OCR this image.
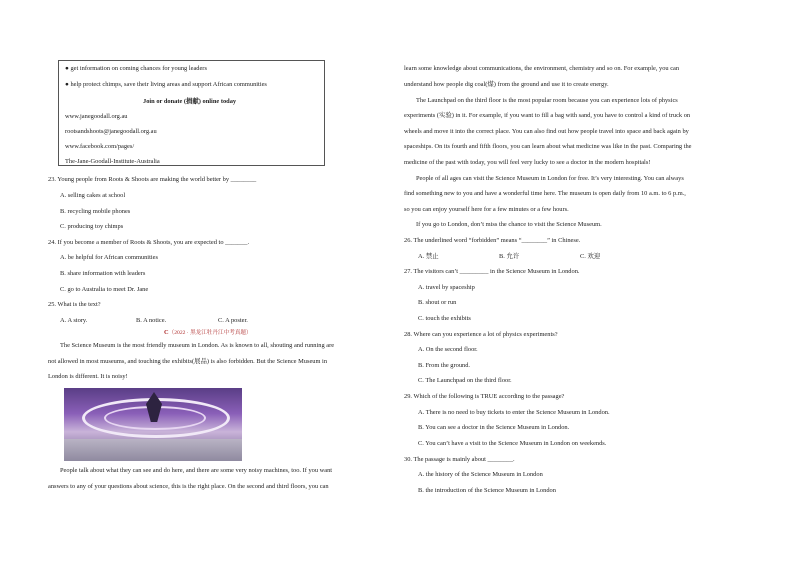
● get information on coming chances for young leaders
● help protect chimps, save their living areas and support African communities
Join or donate (捐献) online today
www.janegoodall.org.au
rootsandshoots@janegoodall.org.au
www.facebook.com/pages/
The-Jane-Goodall-Institute-Australia
23. Young people from Roots & Shoots are making the world better by ________
A. selling cakes at school
B. recycling mobile phones
C. producing toy chimps
24. If you become a member of Roots & Shoots, you are expected to _______.
A. be helpful for African communities
B. share information with leaders
C. go to Australia to meet Dr. Jane
25. What is the text?
A. A story.	B. A notice.	C. A poster.
C（2022 · 黑龙江牡丹江中考真题）
The Science Museum is the most friendly museum in London. As is known to all, shouting and running are
not allowed in most museums, and touching the exhibits(展品) is also forbidden. But the Science Museum in
London is different. It is noisy!
People talk about what they can see and do here, and there are some very noisy machines, too. If you want
answers to any of your questions about science, this is the right place. On the second and third floors, you can
learn some knowledge about communications, the environment, chemistry and so on. For example, you can
understand how people dig coal(煤) from the ground and use it to create energy.
The Launchpad on the third floor is the most popular room because you can experience lots of physics
experiments (实验) in it. For example, if you want to fill a bag with sand, you have to control a kind of truck on
wheels and move it into the correct place. You can also find out how people travel into space and back again by
spaceships. On its fourth and fifth floors, you can learn about what medicine was like in the past. Comparing the
medicine of the past with today, you will feel very lucky to see a doctor in the modern hospitals!
People of all ages can visit the Science Museum in London for free. It’s very interesting. You can always
find something new to you and have a wonderful time here. The museum is open daily from 10 a.m. to 6 p.m.,
so you can enjoy yourself here for a few minutes or a few hours.
If you go to London, don’t miss the chance to visit the Science Museum.
26. The underlined word “forbidden” means “________” in Chinese.
A. 禁止	B. 允许	C. 欢迎
27. The visitors can’t _________ in the Science Museum in London.
A. travel by spaceship
B. shout or run
C. touch the exhibits
28. Where can you experience a lot of physics experiments?
A. On the second floor.
B. From the ground.
C. The Launchpad on the third floor.
29. Which of the following is TRUE according to the passage?
A. There is no need to buy tickets to enter the Science Museum in London.
B. You can see a doctor in the Science Museum in London.
C. You can’t have a visit to the Science Museum in London on weekends.
30. The passage is mainly about ________.
A. the history of the Science Museum in London
B. the introduction of the Science Museum in London
